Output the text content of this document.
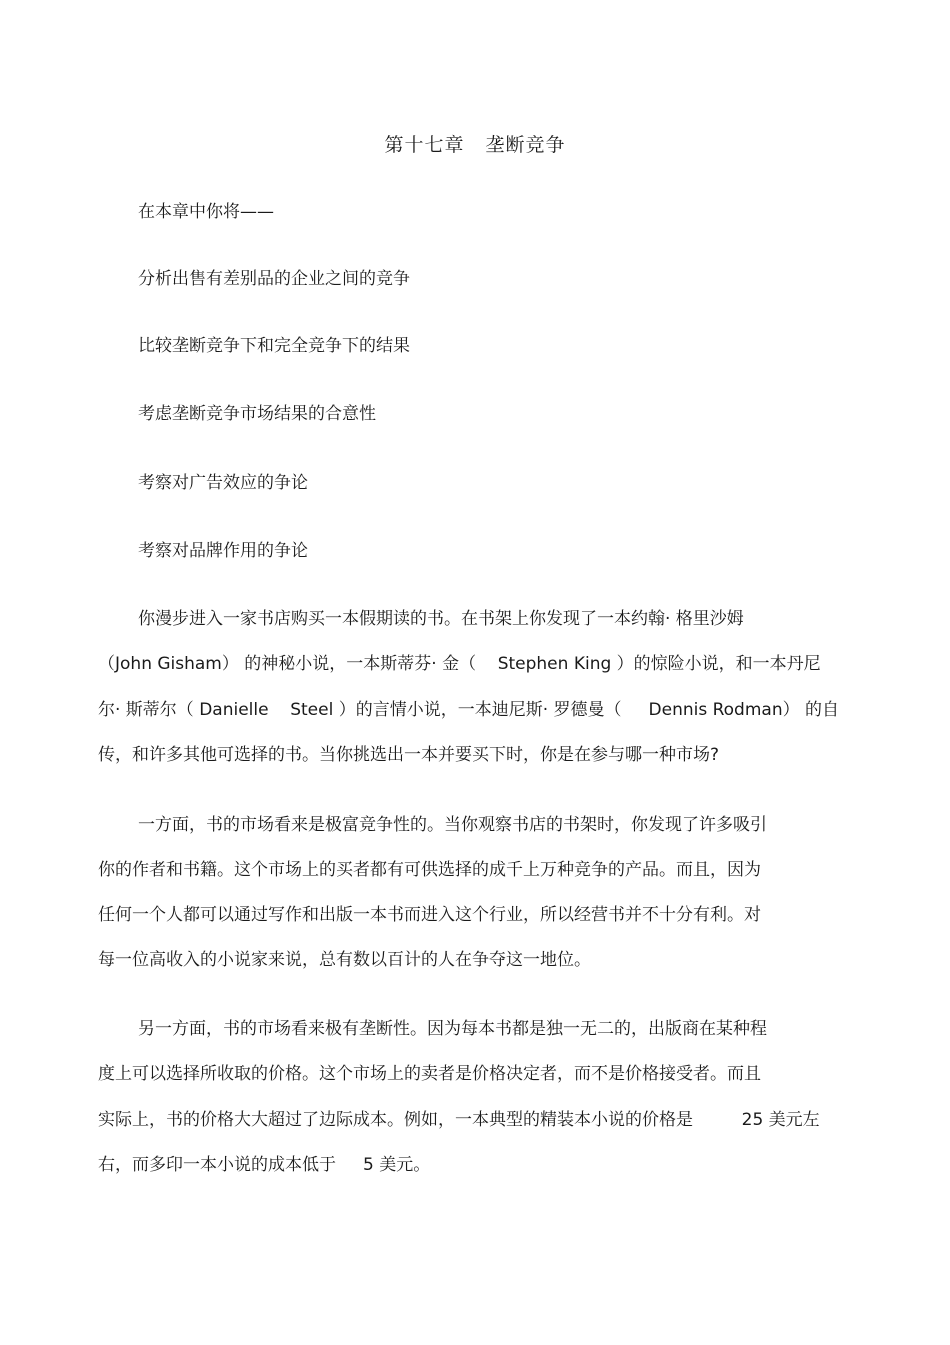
第十七章   垄断竞争
在本章中你将——
分析出售有差别品的企业之间的竞争
比较垄断竞争下和完全竞争下的结果
考虑垄断竞争市场结果的合意性
考察对广告效应的争论
考察对品牌作用的争论
你漫步进入一家书店购买一本假期读的书。在书架上你发现了一本约翰· 格里沙姆
（John Gisham） 的神秘小说，一本斯蒂芬· 金（    Stephen King ）的惊险小说，和一本丹尼
尔· 斯蒂尔（ Danielle    Steel ）的言情小说，一本迪尼斯· 罗德曼（     Dennis Rodman） 的自
传，和许多其他可选择的书。当你挑选出一本并要买下时，你是在参与哪一种市场?
一方面，书的市场看来是极富竞争性的。当你观察书店的书架时，你发现了许多吸引
你的作者和书籍。这个市场上的买者都有可供选择的成千上万种竞争的产品。而且，因为
任何一个人都可以通过写作和出版一本书而进入这个行业，所以经营书并不十分有利。对
每一位高收入的小说家来说，总有数以百计的人在争夺这一地位。
另一方面，书的市场看来极有垄断性。因为每本书都是独一无二的，出版商在某种程
度上可以选择所收取的价格。这个市场上的卖者是价格决定者，而不是价格接受者。而且
实际上，书的价格大大超过了边际成本。例如，一本典型的精装本小说的价格是         25 美元左
右，而多印一本小说的成本低于     5 美元。
